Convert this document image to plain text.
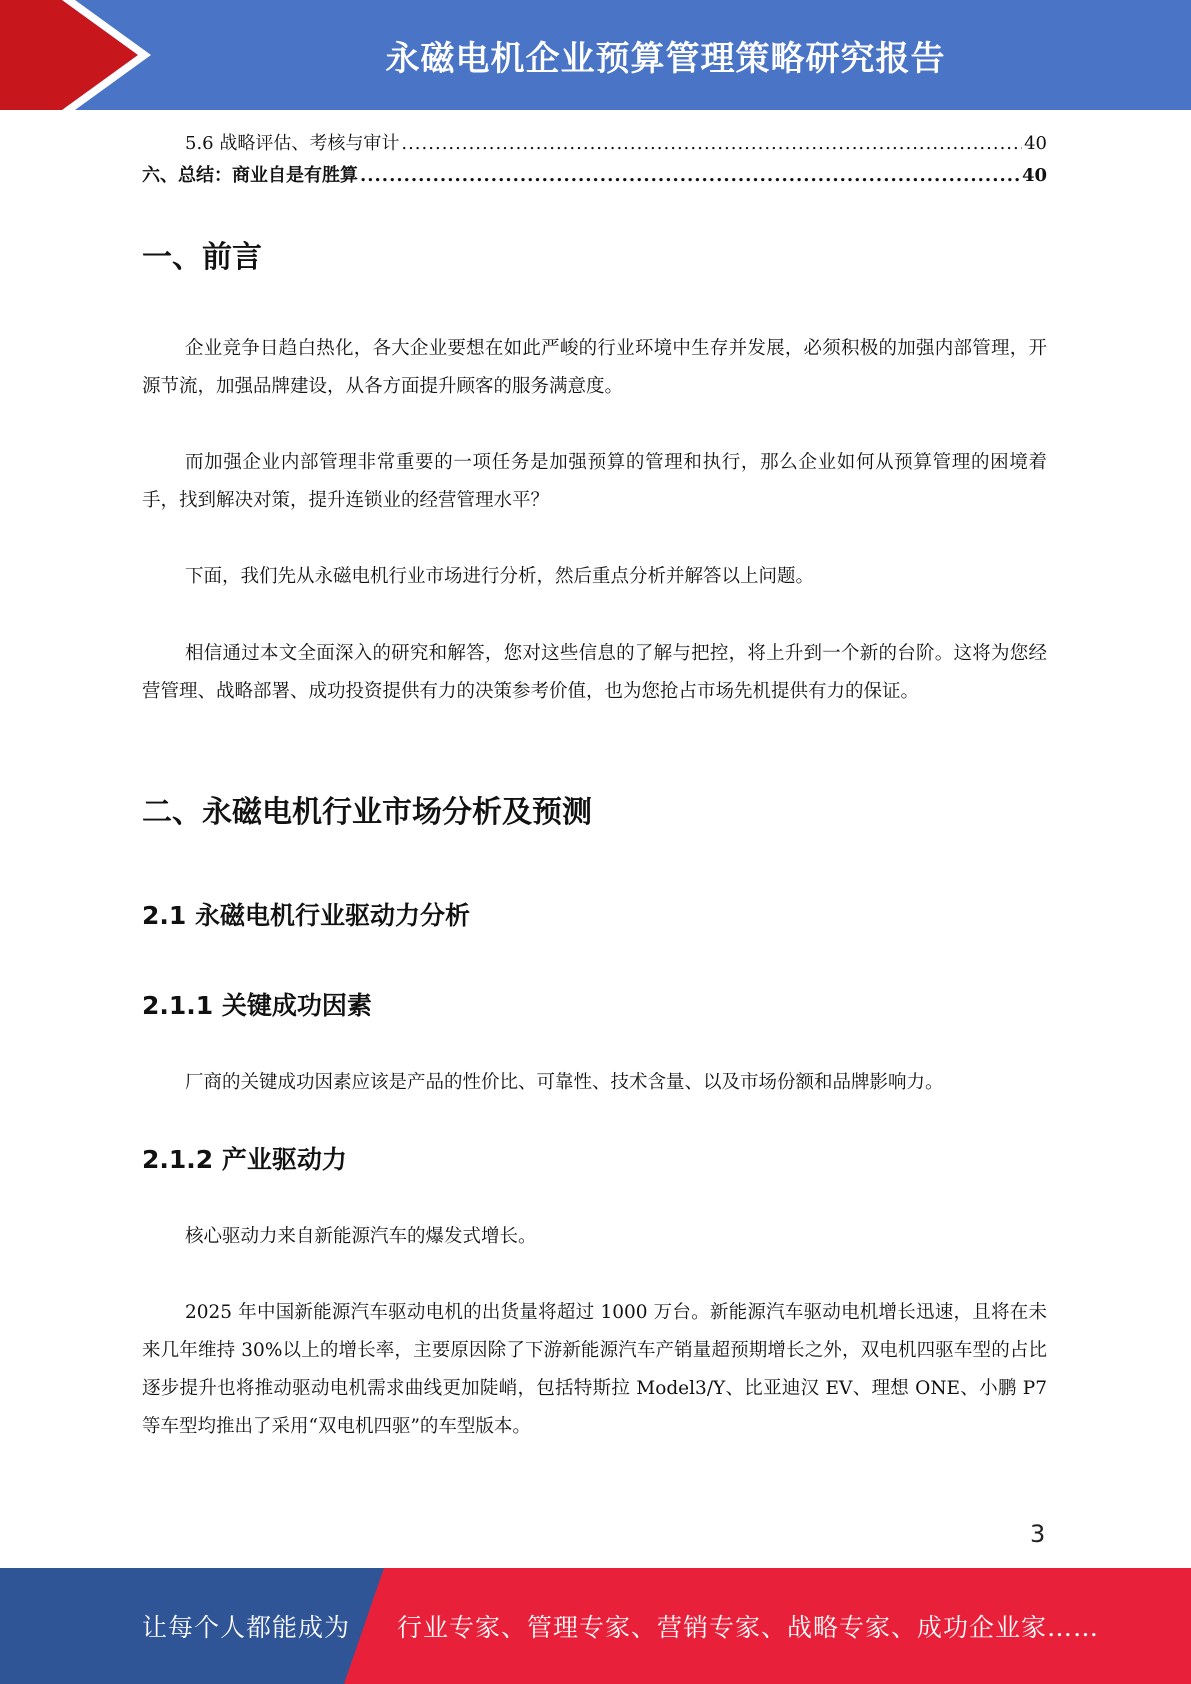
永磁电机企业预算管理策略研究报告
5.6 战略评估、考核与审计 .....	40
六、总结：商业自是有胜算 .....	40
一、前言

企业竞争日趋白热化，各大企业要想在如此严峻的行业环境中生存并发展，必须积极的加强内部管理，开源节流，加强品牌建设，从各方面提升顾客的服务满意度。

而加强企业内部管理非常重要的一项任务是加强预算的管理和执行，那么企业如何从预算管理的困境着手，找到解决对策，提升连锁业的经营管理水平？

下面，我们先从永磁电机行业市场进行分析，然后重点分析并解答以上问题。

相信通过本文全面深入的研究和解答，您对这些信息的了解与把控，将上升到一个新的台阶。这将为您经营管理、战略部署、成功投资提供有力的决策参考价值，也为您抢占市场先机提供有力的保证。

二、永磁电机行业市场分析及预测
2.1 永磁电机行业驱动力分析
2.1.1 关键成功因素

厂商的关键成功因素应该是产品的性价比、可靠性、技术含量、以及市场份额和品牌影响力。

2.1.2 产业驱动力

核心驱动力来自新能源汽车的爆发式增长。

2025 年中国新能源汽车驱动电机的出货量将超过 1000 万台。新能源汽车驱动电机增长迅速，且将在未来几年维持 30%以上的增长率，主要原因除了下游新能源汽车产销量超预期增长之外，双电机四驱车型的占比逐步提升也将推动驱动电机需求曲线更加陡峭，包括特斯拉 Model3/Y、比亚迪汉 EV、理想 ONE、小鹏 P7 等车型均推出了采用“双电机四驱”的车型版本。

3
让每个人都能成为 行业专家、管理专家、营销专家、战略专家、成功企业家……
